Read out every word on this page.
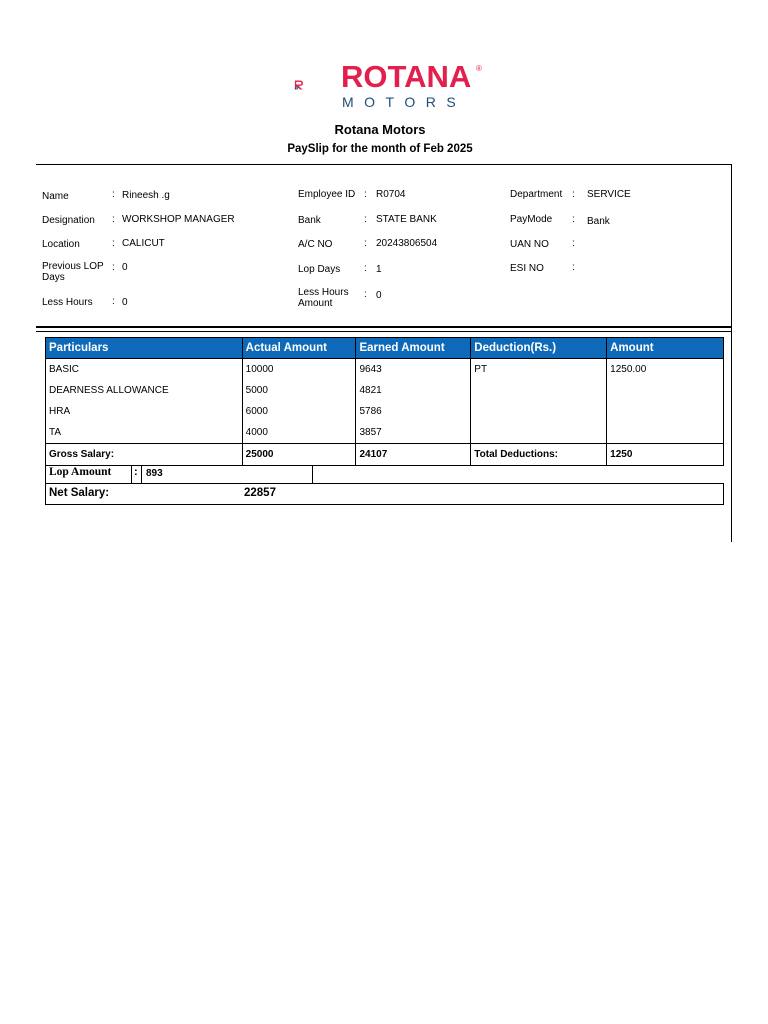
ROTANA ®
MOTORS
Rotana Motors
PaySlip for the month of Feb 2025
Name	: Rineesh .g
Designation : WORKSHOP MANAGER
Location	: CALICUT
Previous LOP
Days
: 0
Less Hours : 0
Employee ID : R0704
Bank	: STATE BANK
A/C NO	: 20243806504
Lop Days : 1
Less Hours
Amount
: 0
Department : SERVICE
PayMode : Bank
UAN NO :
ESI NO	:
Particulars	Actual Amount	Earned Amount	Deduction(Rs.)	Amount
BASIC	10000	9643	PT	1250.00
DEARNESS ALLOWANCE	5000	4821		
HRA	6000	5786		
TA	4000	3857		
Gross Salary:	25000	24107	Total Deductions:	1250
Lop Amount : 893
Net Salary:	22857
